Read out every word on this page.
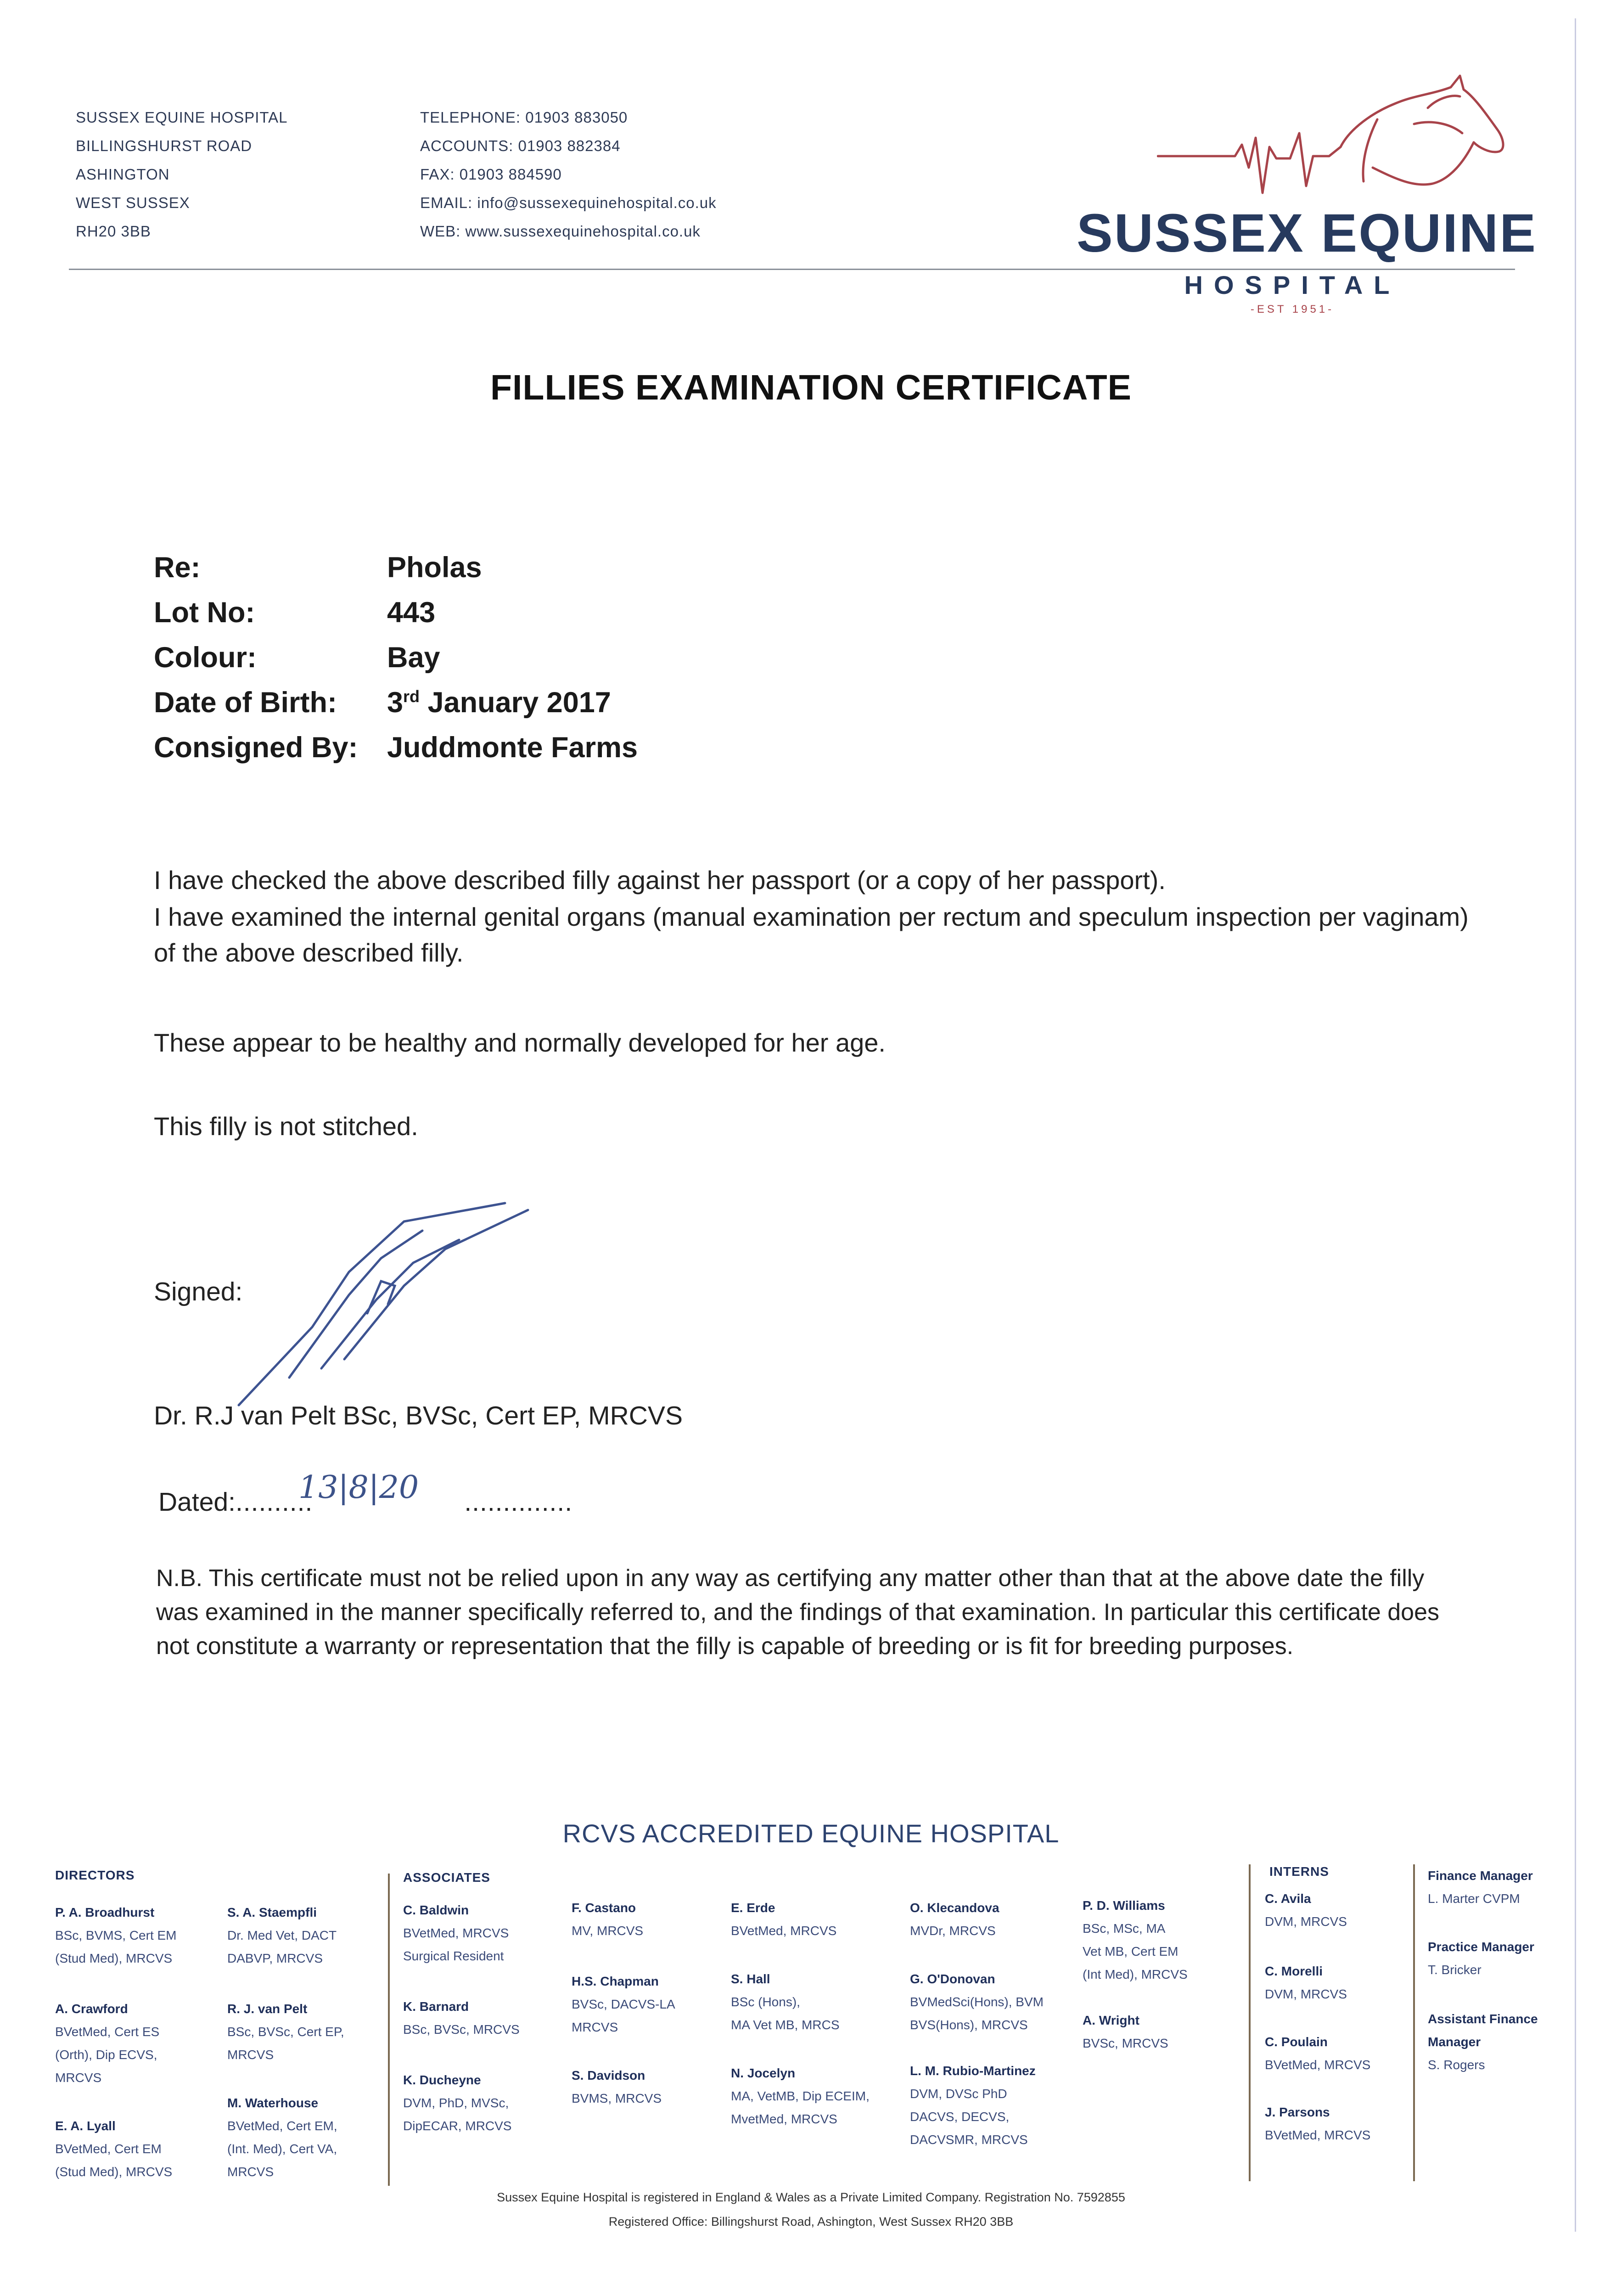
SUSSEX EQUINE HOSPITAL
BILLINGSHURST ROAD
ASHINGTON
WEST SUSSEX
RH20 3BB
TELEPHONE: 01903 883050
ACCOUNTS: 01903 882384
FAX: 01903 884590
EMAIL: info@sussexequinehospital.co.uk
WEB: www.sussexequinehospital.co.uk	SUSSEX EQUINE
HOSPITAL
-EST 1951-
FILLIES EXAMINATION CERTIFICATE
Re:	Pholas
Lot No:	443
Colour:	Bay
Date of Birth: 3rd January 2017
Consigned By: Juddmonte Farms
I have checked the above described filly against her passport (or a copy of her passport).
I have examined the internal genital organs (manual examination per rectum and speculum inspection per vaginam) of the above described filly.
These appear to be healthy and normally developed for her age.
This filly is not stitched.
Signed:
Dr. R.J van Pelt BSc, BVSc, Cert EP, MRCVS
Dated:..........	..............
13|8|20
N.B. This certificate must not be relied upon in any way as certifying any matter other than that at the above date the filly was examined in the manner specifically referred to, and the findings of that examination. In particular this certificate does not constitute a warranty or representation that the filly is capable of breeding or is fit for breeding purposes.
RCVS ACCREDITED EQUINE HOSPITAL
DIRECTORS
P. A. Broadhurst
BSc, BVMS, Cert EM
(Stud Med), MRCVS
A. Crawford
BVetMed, Cert ES
(Orth), Dip ECVS,
MRCVS
E. A. Lyall
BVetMed, Cert EM
(Stud Med), MRCVS
S. A. Staempfli
Dr. Med Vet, DACT
DABVP, MRCVS
R. J. van Pelt
BSc, BVSc, Cert EP,
MRCVS
M. Waterhouse
BVetMed, Cert EM,
(Int. Med), Cert VA,
MRCVS
ASSOCIATES
C. Baldwin
BVetMed, MRCVS
Surgical Resident
K. Barnard
BSc, BVSc, MRCVS
K. Ducheyne
DVM, PhD, MVSc,
DipECAR, MRCVS
F. Castano
MV, MRCVS
H.S. Chapman
BVSc, DACVS-LA
MRCVS
S. Davidson
BVMS, MRCVS
E. Erde
BVetMed, MRCVS
S. Hall
BSc (Hons),
MA Vet MB, MRCS
N. Jocelyn
MA, VetMB, Dip ECEIM,
MvetMed, MRCVS
O. Klecandova
MVDr, MRCVS
G. O'Donovan
BVMedSci(Hons), BVM
BVS(Hons), MRCVS
L. M. Rubio-Martinez
DVM, DVSc PhD
DACVS, DECVS,
DACVSMR, MRCVS
P. D. Williams
BSc, MSc, MA
Vet MB, Cert EM
(Int Med), MRCVS
A. Wright
BVSc, MRCVS
INTERNS
C. Avila
DVM, MRCVS
C. Morelli
DVM, MRCVS
C. Poulain
BVetMed, MRCVS
J. Parsons
BVetMed, MRCVS
Finance Manager
L. Marter CVPM
Practice Manager
T. Bricker
Assistant Finance Manager
S. Rogers
Sussex Equine Hospital is registered in England & Wales as a Private Limited Company. Registration No. 7592855
Registered Office: Billingshurst Road, Ashington, West Sussex RH20 3BB
